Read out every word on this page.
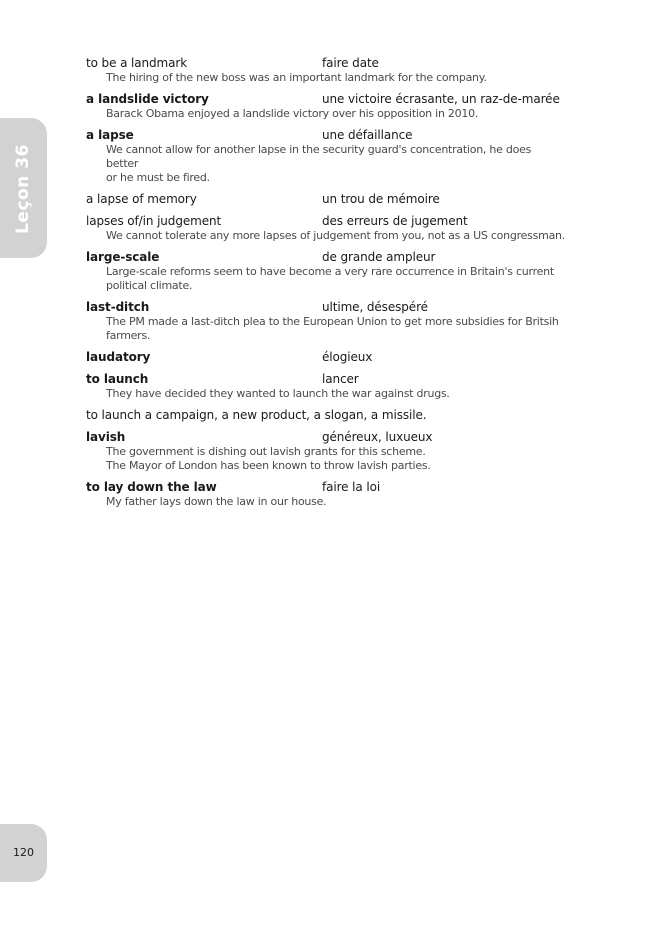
Leçon 36
to be a landmark	faire date
The hiring of the new boss was an important landmark for the company.
a landslide victory	une victoire écrasante, un raz-de-marée
Barack Obama enjoyed a landslide victory over his opposition in 2010.
a lapse	une défaillance
We cannot allow for another lapse in the security guard's concentration, he does better
or he must be fired.
a lapse of memory	un trou de mémoire
lapses of/in judgement	des erreurs de jugement
We cannot tolerate any more lapses of judgement from you, not as a US congressman.
large-scale	de grande ampleur
Large-scale reforms seem to have become a very rare occurrence in Britain's current
political climate.
last-ditch	ultime, désespéré
The PM made a last-ditch plea to the European Union to get more subsidies for Britsih
farmers.
laudatory	élogieux
to launch	lancer
They have decided they wanted to launch the war against drugs.
to launch a campaign, a new product, a slogan, a missile.
lavish	généreux, luxueux
The government is dishing out lavish grants for this scheme.
The Mayor of London has been known to throw lavish parties.
to lay down the law	faire la loi
My father lays down the law in our house.
120
